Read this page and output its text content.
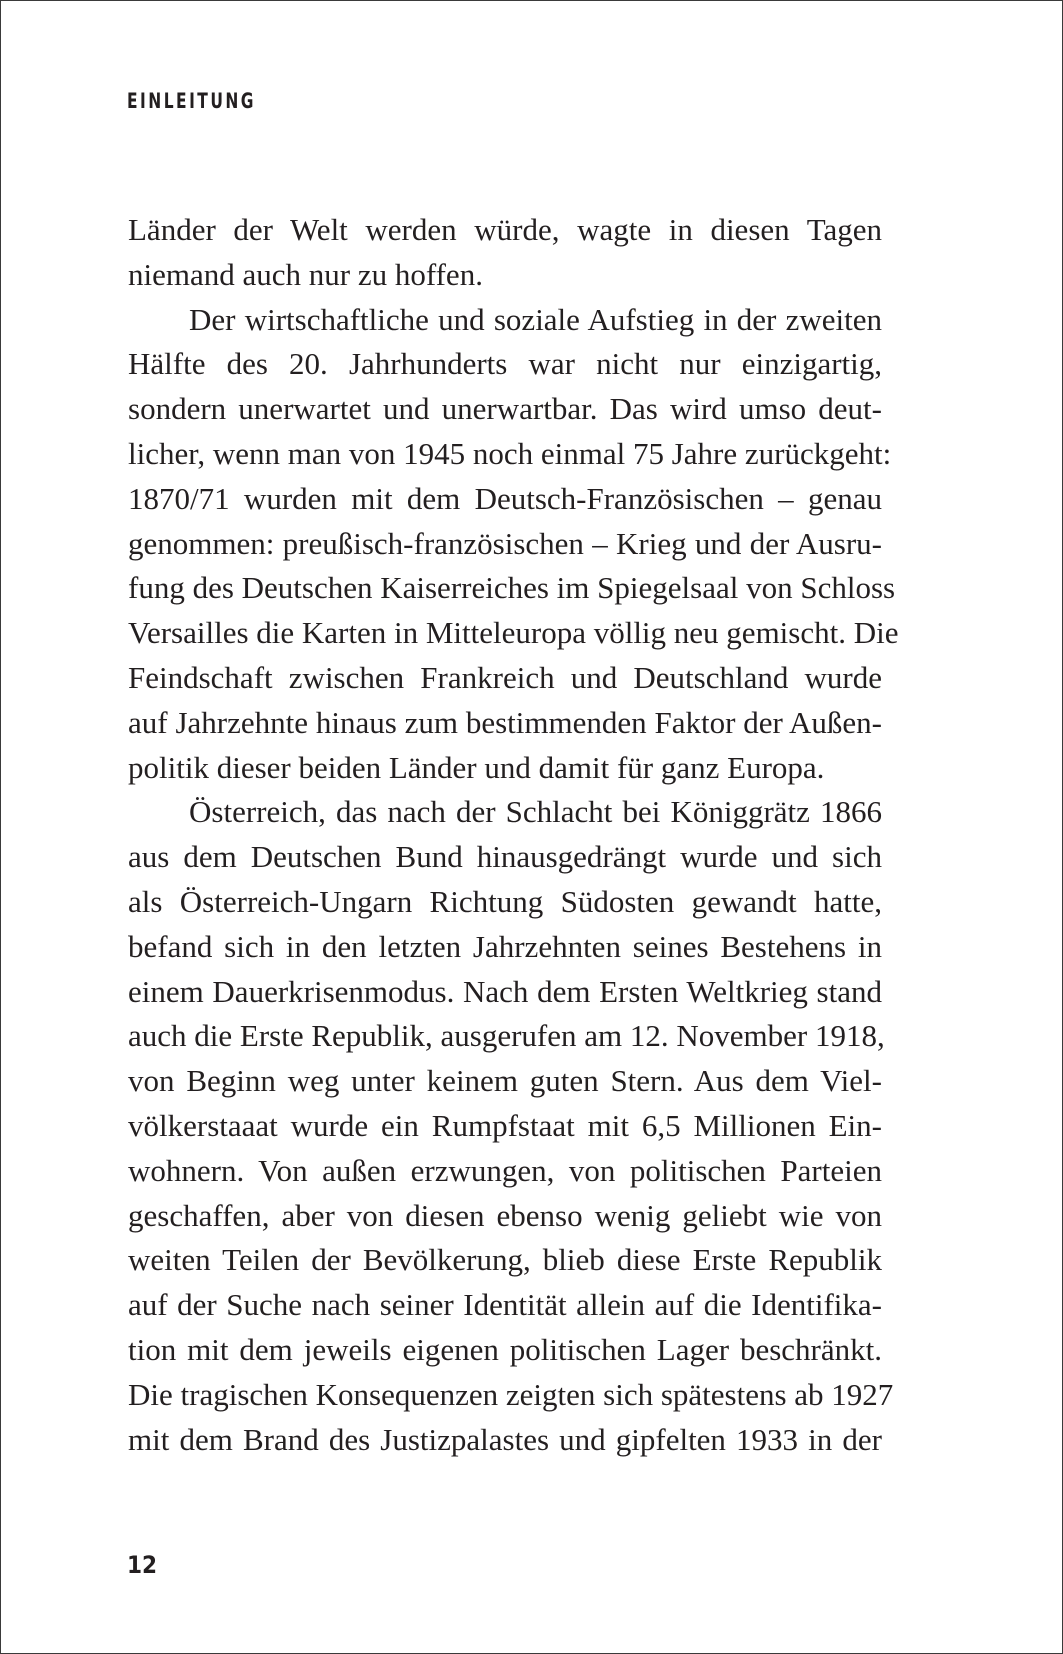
EINLEITUNG
Länder der Welt werden würde, wagte in diesen Tagen
niemand auch nur zu hoffen.
Der wirtschaftliche und soziale Aufstieg in der zweiten
Hälfte des 20. Jahrhunderts war nicht nur einzigartig,
sondern unerwartet und unerwartbar. Das wird umso deut-
licher, wenn man von 1945 noch einmal 75 Jahre zurückgeht:
1870/71 wurden mit dem Deutsch-Französischen – genau
genommen: preußisch-französischen – Krieg und der Ausru-
fung des Deutschen Kaiserreiches im Spiegelsaal von Schloss
Versailles die Karten in Mitteleuropa völlig neu gemischt. Die
Feindschaft zwischen Frankreich und Deutschland wurde
auf Jahrzehnte hinaus zum bestimmenden Faktor der Außen-
politik dieser beiden Länder und damit für ganz Europa.
Österreich, das nach der Schlacht bei Königgrätz 1866
aus dem Deutschen Bund hinausgedrängt wurde und sich
als Österreich-Ungarn Richtung Südosten gewandt hatte,
befand sich in den letzten Jahrzehnten seines Bestehens in
einem Dauerkrisenmodus. Nach dem Ersten Weltkrieg stand
auch die Erste Republik, ausgerufen am 12. November 1918,
von Beginn weg unter keinem guten Stern. Aus dem Viel-
völkerstaaat wurde ein Rumpfstaat mit 6,5 Millionen Ein-
wohnern. Von außen erzwungen, von politischen Parteien
geschaffen, aber von diesen ebenso wenig geliebt wie von
weiten Teilen der Bevölkerung, blieb diese Erste Republik
auf der Suche nach seiner Identität allein auf die Identifika-
tion mit dem jeweils eigenen politischen Lager beschränkt.
Die tragischen Konsequenzen zeigten sich spätestens ab 1927
mit dem Brand des Justizpalastes und gipfelten 1933 in der
12
